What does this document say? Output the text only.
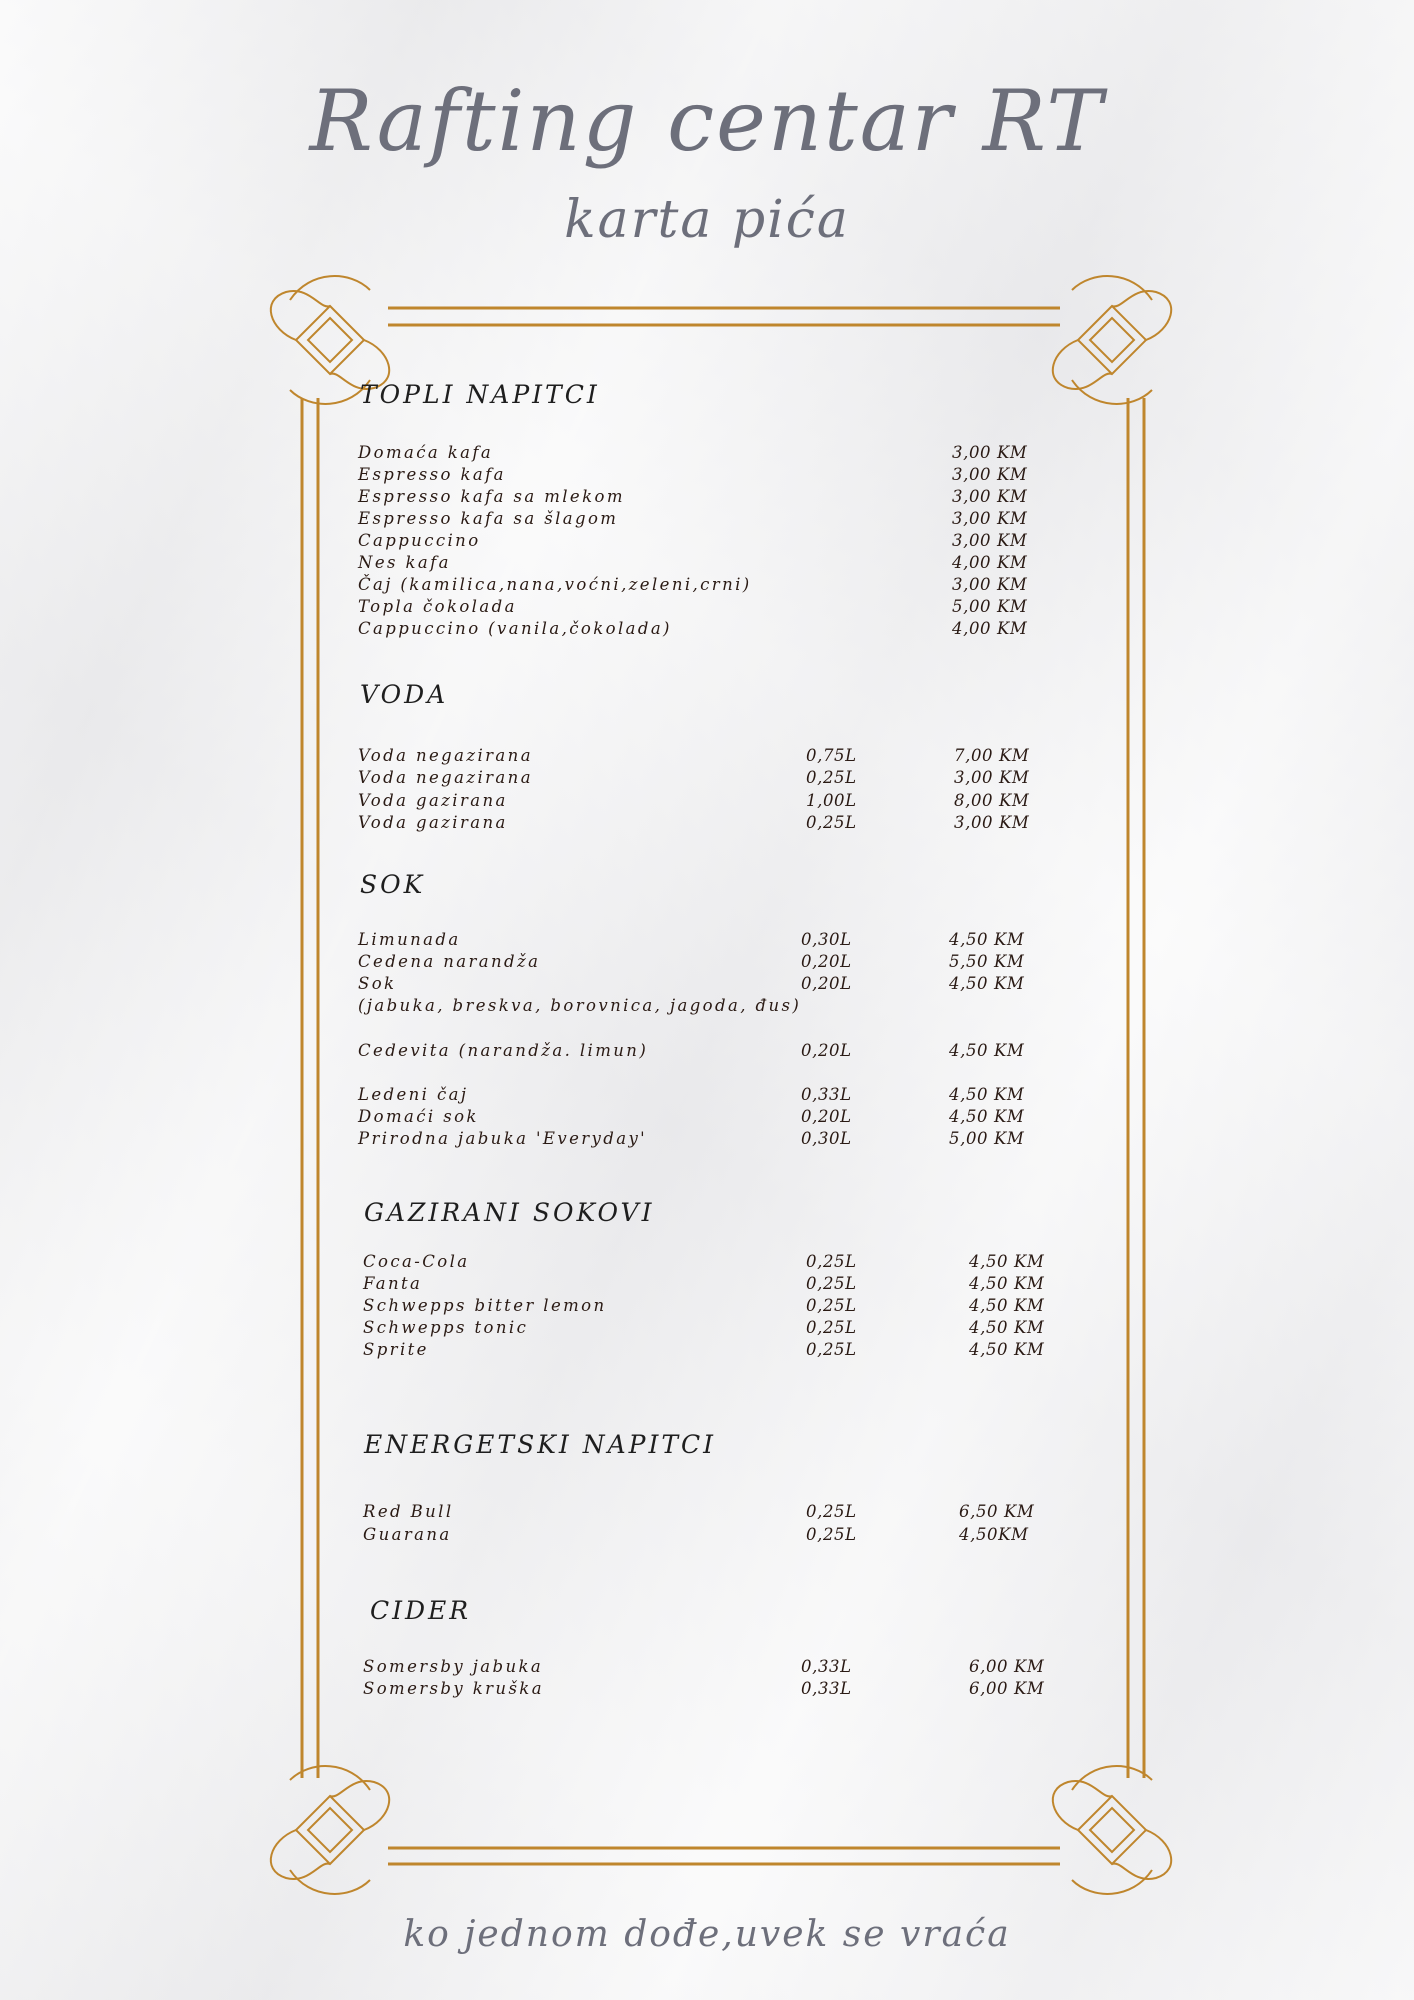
Rafting centar RT
karta pića
TOPLI NAPITCI
Domaća kafa	3,00 KM
Espresso kafa	3,00 KM
Espresso kafa sa mlekom	3,00 KM
Espresso kafa sa šlagom	3,00 KM
Cappuccino	3,00 KM
Nes kafa	4,00 KM
Čaj (kamilica,nana,voćni,zeleni,crni)	3,00 KM
Topla čokolada	5,00 KM
Cappuccino (vanila,čokolada)	4,00 KM
VODA
Voda negazirana	0,75L	7,00 KM
Voda negazirana	0,25L	3,00 KM
Voda gazirana	1,00L	8,00 KM
Voda gazirana	0,25L	3,00 KM
SOK
Limunada	0,30L	4,50 KM
Cedena narandža	0,20L	5,50 KM
Sok	0,20L	4,50 KM
(jabuka, breskva, borovnica, jagoda, đus)
Cedevita (narandža. limun)	0,20L	4,50 KM
Ledeni čaj	0,33L	4,50 KM
Domaći sok	0,20L	4,50 KM
Prirodna jabuka 'Everyday'	0,30L	5,00 KM
GAZIRANI SOKOVI
Coca-Cola	0,25L	4,50 KM
Fanta	0,25L	4,50 KM
Schwepps bitter lemon	0,25L	4,50 KM
Schwepps tonic	0,25L	4,50 KM
Sprite	0,25L	4,50 KM
ENERGETSKI NAPITCI
Red Bull	0,25L	6,50 KM
Guarana	0,25L	4,50KM
CIDER
Somersby jabuka	0,33L	6,00 KM
Somersby kruška	0,33L	6,00 KM
ko jednom dođe,uvek se vraća
